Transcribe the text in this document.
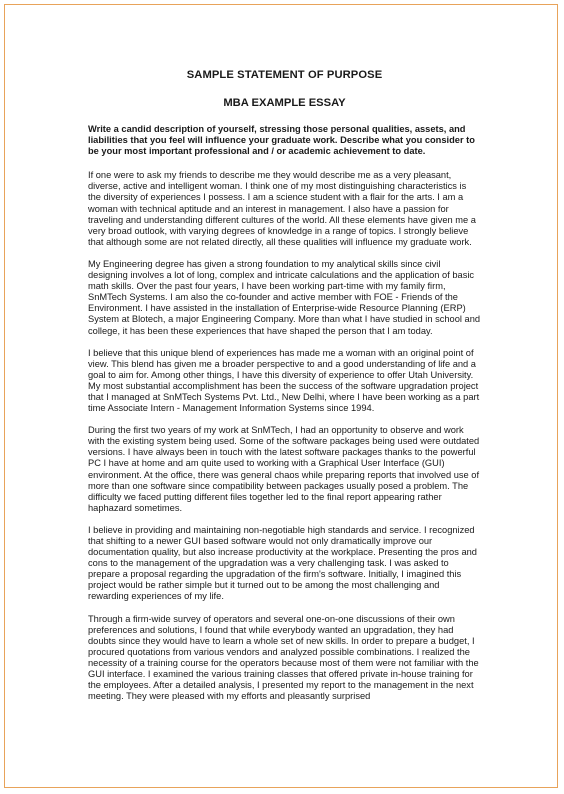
SAMPLE STATEMENT OF PURPOSE
MBA EXAMPLE ESSAY

Write a candid description of yourself, stressing those personal qualities, assets, and liabilities that you feel will influence your graduate work. Describe what you consider to be your most important professional and / or academic achievement to date.

If one were to ask my friends to describe me they would describe me as a very pleasant, diverse, active and intelligent woman. I think one of my most distinguishing characteristics is the diversity of experiences I possess. I am a science student with a flair for the arts. I am a woman with technical aptitude and an interest in management. I also have a passion for traveling and understanding different cultures of the world. All these elements have given me a very broad outlook, with varying degrees of knowledge in a range of topics. I strongly believe that although some are not related directly, all these qualities will influence my graduate work.

My Engineering degree has given a strong foundation to my analytical skills since civil designing involves a lot of long, complex and intricate calculations and the application of basic math skills. Over the past four years, I have been working part-time with my family firm, SnMTech Systems. I am also the co-founder and active member with FOE - Friends of the Environment. I have assisted in the installation of Enterprise-wide Resource Planning (ERP) System at Blotech, a major Engineering Company. More than what I have studied in school and college, it has been these experiences that have shaped the person that I am today.

I believe that this unique blend of experiences has made me a woman with an original point of view. This blend has given me a broader perspective to and a good understanding of life and a goal to aim for. Among other things, I have this diversity of experience to offer Utah University. My most substantial accomplishment has been the success of the software upgradation project that I managed at SnMTech Systems Pvt. Ltd., New Delhi, where I have been working as a part time Associate Intern - Management Information Systems since 1994.

During the first two years of my work at SnMTech, I had an opportunity to observe and work with the existing system being used. Some of the software packages being used were outdated versions. I have always been in touch with the latest software packages thanks to the powerful PC I have at home and am quite used to working with a Graphical User Interface (GUI) environment. At the office, there was general chaos while preparing reports that involved use of more than one software since compatibility between packages usually posed a problem. The difficulty we faced putting different files together led to the final report appearing rather haphazard sometimes.

I believe in providing and maintaining non-negotiable high standards and service. I recognized that shifting to a newer GUI based software would not only dramatically improve our documentation quality, but also increase productivity at the workplace. Presenting the pros and cons to the management of the upgradation was a very challenging task. I was asked to prepare a proposal regarding the upgradation of the firm's software. Initially, I imagined this project would be rather simple but it turned out to be among the most challenging and rewarding experiences of my life.

Through a firm-wide survey of operators and several one-on-one discussions of their own preferences and solutions, I found that while everybody wanted an upgradation, they had doubts since they would have to learn a whole set of new skills. In order to prepare a budget, I procured quotations from various vendors and analyzed possible combinations. I realized the necessity of a training course for the operators because most of them were not familiar with the GUI interface. I examined the various training classes that offered private in-house training for the employees. After a detailed analysis, I presented my report to the management in the next meeting. They were pleased with my efforts and pleasantly surprised
